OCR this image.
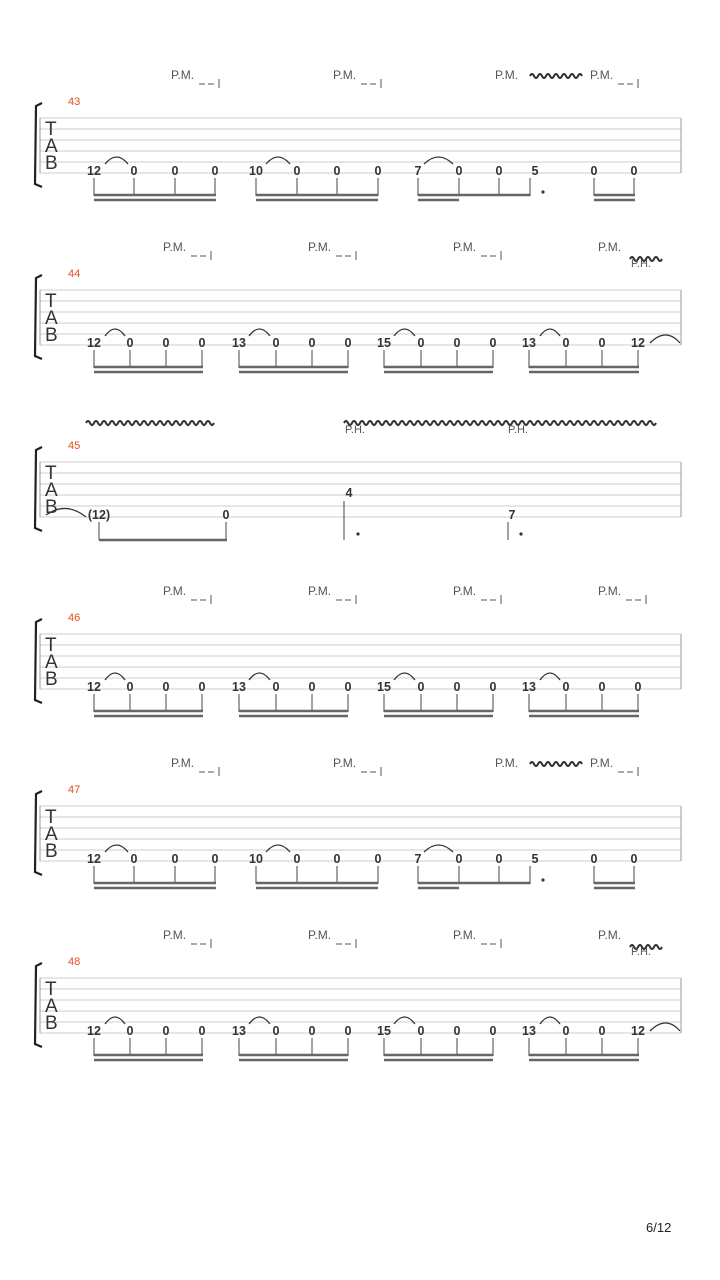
43
T
A
B
P.M.	P.M.	P.M.
P.M.
12 0	0	0 10 0	0	0	7	0	0 5	0	0
44
T
A
B
P.M.	P.M.	P.M.	P.M.
P.H.
12 0 0 0 13 0 0 0 15 0 0 0 13 0 0 12
45
T
A
B
P.H.	P.H.
(12)	0
4
7
46
T
A
B
P.M.	P.M.	P.M.	P.M.
12 0 0 0 13 0 0 0 15 0 0 0 13 0 0 0
47
T
A
B
P.M.	P.M.	P.M.
P.M.
12 0	0	0 10 0	0	0	7	0	0 5	0	0
48
T
A
B
P.M.	P.M.	P.M.	P.M.
P.H.
12 0 0 0 13 0 0 0 15 0 0 0 13 0 0 12
6/12
